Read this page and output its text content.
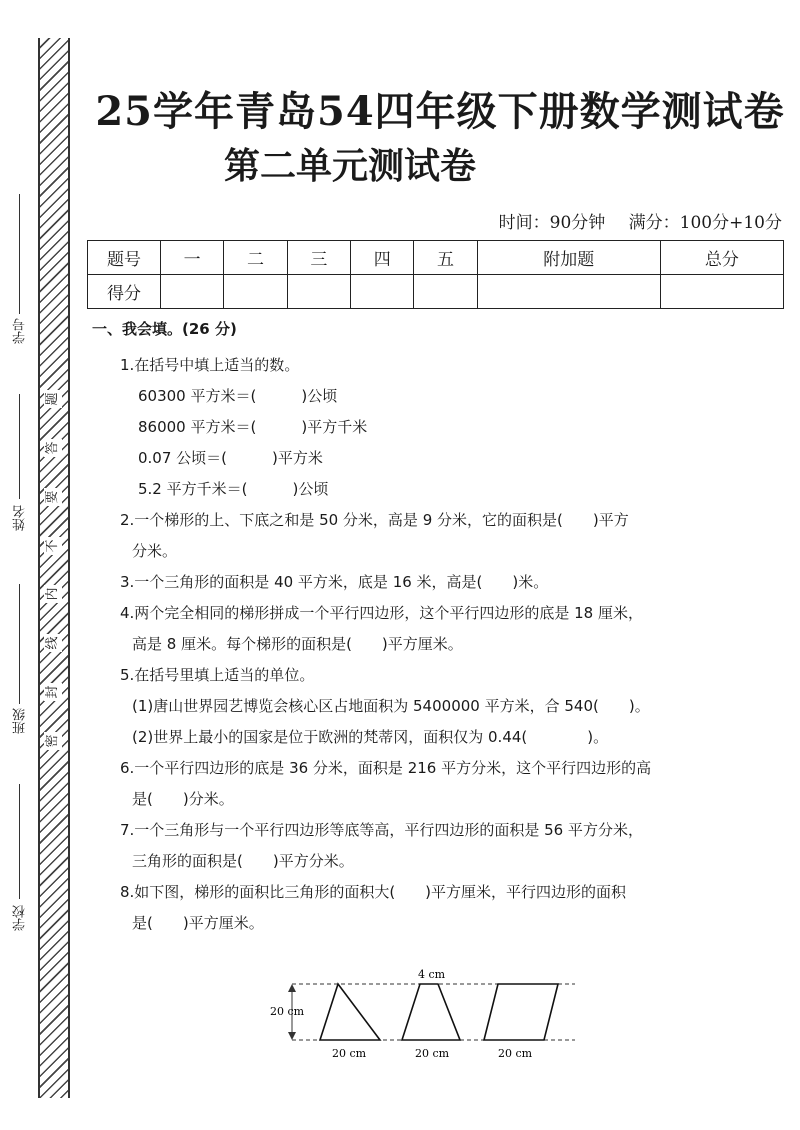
题
答
要
不
内
线
封
密
学号
姓名
班级
学校
25学年青岛54四年级下册数学测试卷
第二单元测试卷
时间：90分钟 满分：100分+10分
题号	一	二	三	四	五	附加题	总分
得分							
一、我会填。(26 分)
1.在括号中填上适当的数。
60300 平方米＝(　　　)公顷
86000 平方米＝(　　　)平方千米
0.07 公顷＝(　　　)平方米
5.2 平方千米＝(　　　)公顷
2.一个梯形的上、下底之和是 50 分米，高是 9 分米，它的面积是(　　)平方
分米。
3.一个三角形的面积是 40 平方米，底是 16 米，高是(　　)米。
4.两个完全相同的梯形拼成一个平行四边形，这个平行四边形的底是 18 厘米，
高是 8 厘米。每个梯形的面积是(　　)平方厘米。
5.在括号里填上适当的单位。
(1)唐山世界园艺博览会核心区占地面积为 5400000 平方米，合 540(　　)。
(2)世界上最小的国家是位于欧洲的梵蒂冈，面积仅为 0.44(　　　　)。
6.一个平行四边形的底是 36 分米，面积是 216 平方分米，这个平行四边形的高
是(　　)分米。
7.一个三角形与一个平行四边形等底等高，平行四边形的面积是 56 平方分米，
三角形的面积是(　　)平方分米。
8.如下图，梯形的面积比三角形的面积大(　　)平方厘米，平行四边形的面积
是(　　)平方厘米。
20 cm
4 cm
20 cm	20 cm	20 cm
